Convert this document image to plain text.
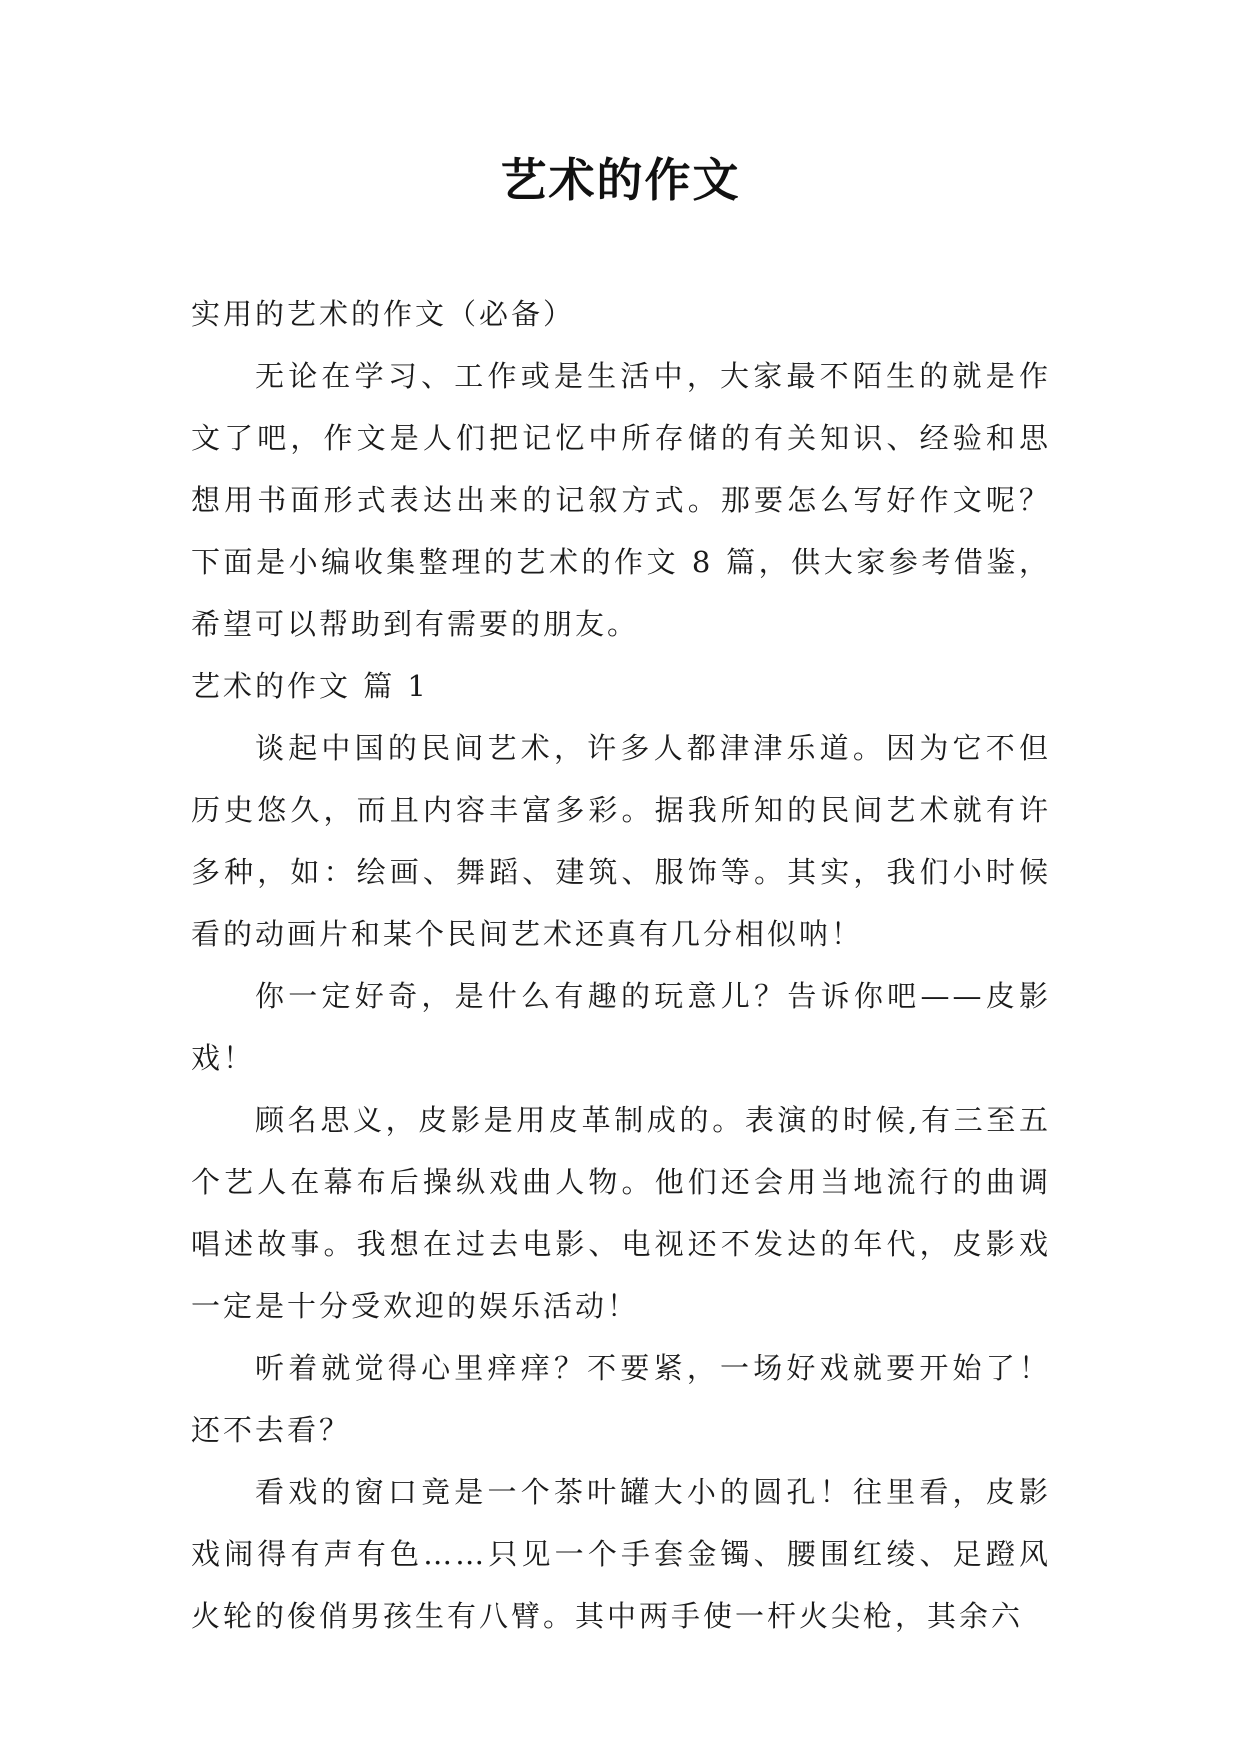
艺术的作文

实用的艺术的作文（必备）

无论在学习、工作或是生活中，大家最不陌生的就是作文了吧，作文是人们把记忆中所存储的有关知识、经验和思想用书面形式表达出来的记叙方式。那要怎么写好作文呢？下面是小编收集整理的艺术的作文 8 篇，供大家参考借鉴，希望可以帮助到有需要的朋友。

艺术的作文 篇 1

谈起中国的民间艺术，许多人都津津乐道。因为它不但历史悠久，而且内容丰富多彩。据我所知的民间艺术就有许多种，如：绘画、舞蹈、建筑、服饰等。其实，我们小时候看的动画片和某个民间艺术还真有几分相似呐！

你一定好奇，是什么有趣的玩意儿？告诉你吧——皮影戏！

顾名思义，皮影是用皮革制成的。表演的时候,有三至五个艺人在幕布后操纵戏曲人物。他们还会用当地流行的曲调唱述故事。我想在过去电影、电视还不发达的年代，皮影戏一定是十分受欢迎的娱乐活动！

听着就觉得心里痒痒？不要紧，一场好戏就要开始了！还不去看？

看戏的窗口竟是一个茶叶罐大小的圆孔！往里看，皮影戏闹得有声有色……只见一个手套金镯、腰围红绫、足蹬风火轮的俊俏男孩生有八臂。其中两手使一杆火尖枪，其余六
